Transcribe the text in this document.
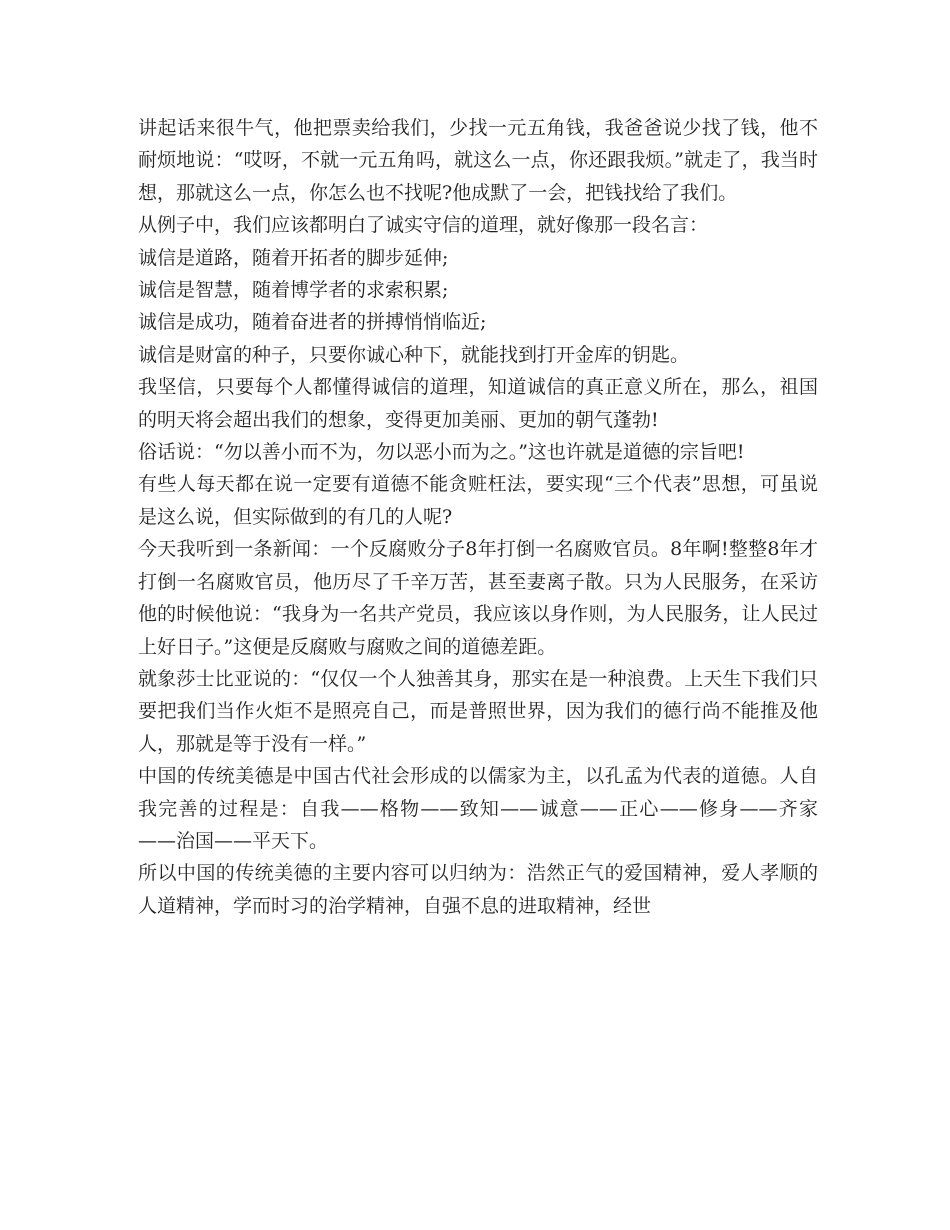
讲起话来很牛气，他把票卖给我们，少找一元五角钱，我爸爸说少找了钱，他不耐烦地说：“哎呀，不就一元五角吗，就这么一点，你还跟我烦。”就走了，我当时想，那就这么一点，你怎么也不找呢?他成默了一会，把钱找给了我们。

从例子中，我们应该都明白了诚实守信的道理，就好像那一段名言：

诚信是道路，随着开拓者的脚步延伸;

诚信是智慧，随着博学者的求索积累;

诚信是成功，随着奋进者的拼搏悄悄临近;

诚信是财富的种子，只要你诚心种下，就能找到打开金库的钥匙。

我坚信，只要每个人都懂得诚信的道理，知道诚信的真正意义所在，那么，祖国的明天将会超出我们的想象，变得更加美丽、更加的朝气蓬勃!

俗话说：“勿以善小而不为，勿以恶小而为之。”这也许就是道德的宗旨吧!

有些人每天都在说一定要有道德不能贪赃枉法，要实现“三个代表”思想，可虽说是这么说，但实际做到的有几的人呢?

今天我听到一条新闻：一个反腐败分子8年打倒一名腐败官员。8年啊!整整8年才打倒一名腐败官员，他历尽了千辛万苦，甚至妻离子散。只为人民服务，在采访他的时候他说：“我身为一名共产党员，我应该以身作则，为人民服务，让人民过上好日子。”这便是反腐败与腐败之间的道德差距。

就象莎士比亚说的：“仅仅一个人独善其身，那实在是一种浪费。上天生下我们只要把我们当作火炬不是照亮自己，而是普照世界，因为我们的德行尚不能推及他人，那就是等于没有一样。”

中国的传统美德是中国古代社会形成的以儒家为主，以孔孟为代表的道德。人自我完善的过程是：自我——格物——致知——诚意——正心——修身——齐家——治国——平天下。

所以中国的传统美德的主要内容可以归纳为：浩然正气的爱国精神，爱人孝顺的人道精神，学而时习的治学精神，自强不息的进取精神，经世
